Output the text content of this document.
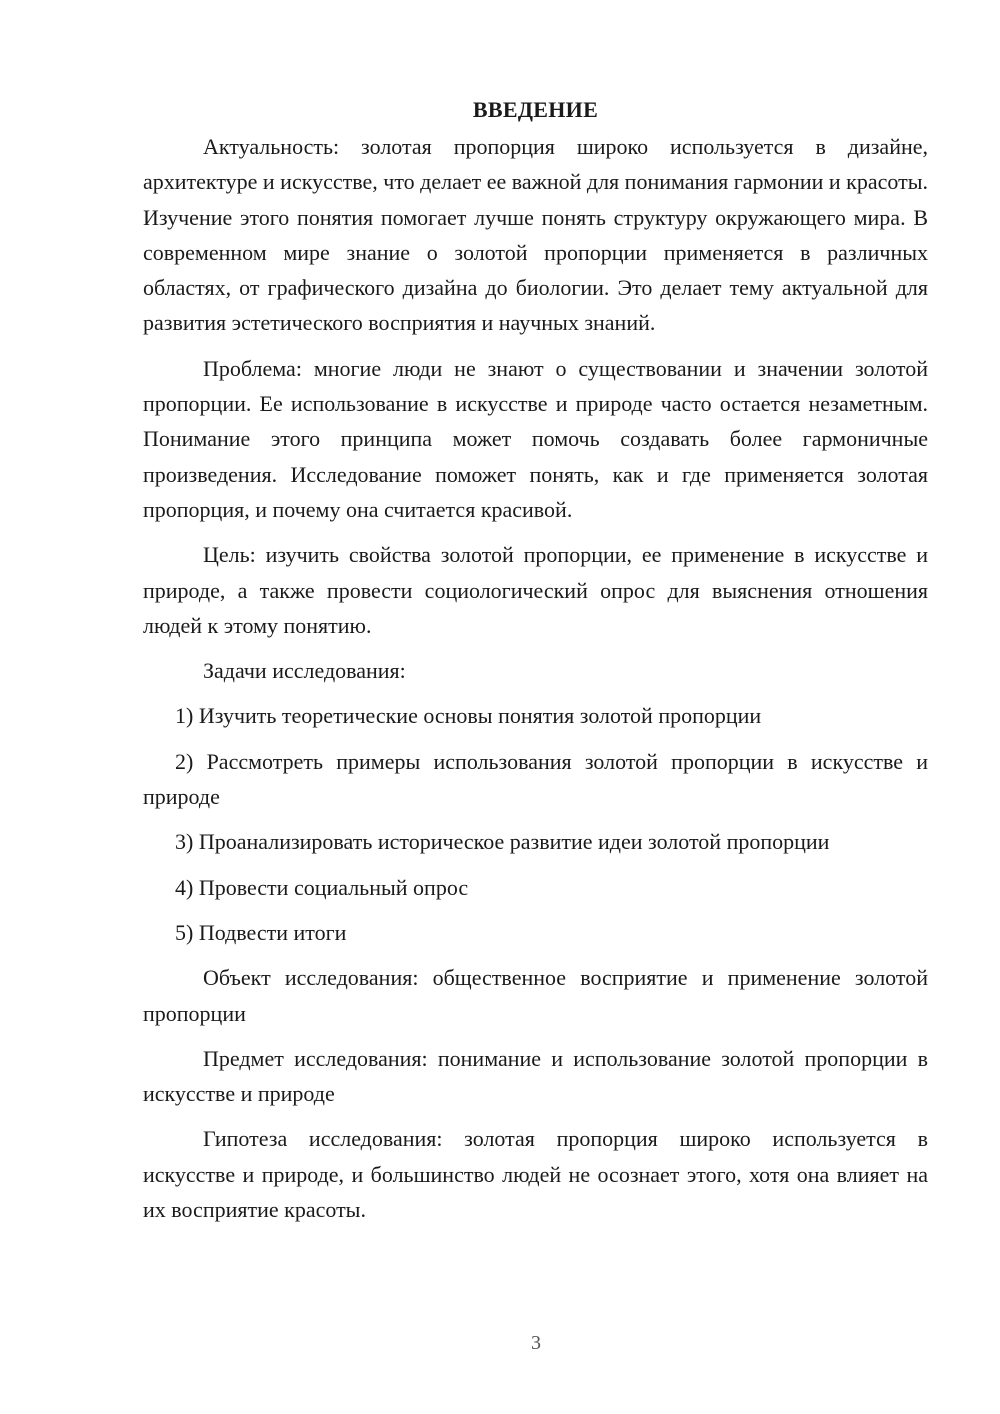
ВВЕДЕНИЕ

Актуальность: золотая пропорция широко используется в дизайне, архитектуре и искусстве, что делает ее важной для понимания гармонии и красоты. Изучение этого понятия помогает лучше понять структуру окружающего мира. В современном мире знание о золотой пропорции применяется в различных областях, от графического дизайна до биологии. Это делает тему актуальной для развития эстетического восприятия и научных знаний.

Проблема: многие люди не знают о существовании и значении золотой пропорции. Ее использование в искусстве и природе часто остается незаметным. Понимание этого принципа может помочь создавать более гармоничные произведения. Исследование поможет понять, как и где применяется золотая пропорция, и почему она считается красивой.

Цель: изучить свойства золотой пропорции, ее применение в искусстве и природе, а также провести социологический опрос для выяснения отношения людей к этому понятию.

Задачи исследования:

1) Изучить теоретические основы понятия золотой пропорции

2) Рассмотреть примеры использования золотой пропорции в искусстве и природе

3) Проанализировать историческое развитие идеи золотой пропорции

4) Провести социальный опрос

5) Подвести итоги

Объект исследования: общественное восприятие и применение золотой пропорции

Предмет исследования: понимание и использование золотой пропорции в искусстве и природе

Гипотеза исследования: золотая пропорция широко используется в искусстве и природе, и большинство людей не осознает этого, хотя она влияет на их восприятие красоты.

3
